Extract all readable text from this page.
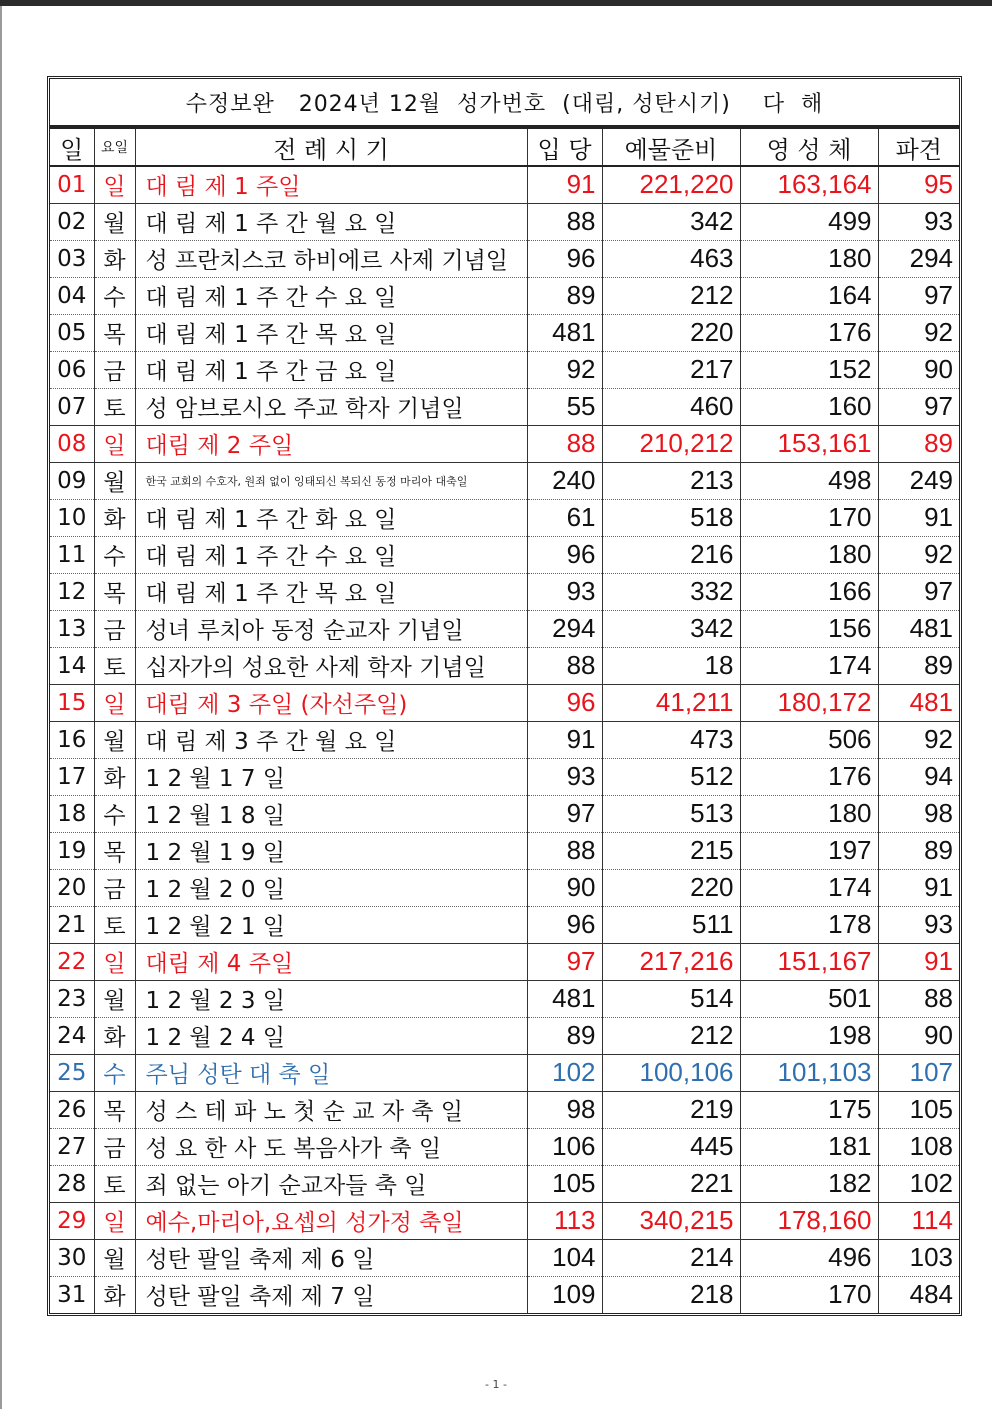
수정보완   2024년 12월  성가번호  (대림, 성탄시기)    다  해
일	요일	전 례 시 기	입 당	예물준비	영 성 체	파견
01	일	대 림 제 1 주일	91	221,220	163,164	95
02	월	대 림 제 1 주 간 월 요 일	88	342	499	93
03	화	성 프란치스코 하비에르 사제 기념일	96	463	180	294
04	수	대 림 제 1 주 간 수 요 일	89	212	164	97
05	목	대 림 제 1 주 간 목 요 일	481	220	176	92
06	금	대 림 제 1 주 간 금 요 일	92	217	152	90
07	토	성 암브로시오 주교 학자 기념일	55	460	160	97
08	일	대림 제 2 주일	88	210,212	153,161	89
09	월	한국 교회의 수호자, 원죄 없이 잉태되신 복되신 동정 마리아 대축일	240	213	498	249
10	화	대 림 제 1 주 간 화 요 일	61	518	170	91
11	수	대 림 제 1 주 간 수 요 일	96	216	180	92
12	목	대 림 제 1 주 간 목 요 일	93	332	166	97
13	금	성녀 루치아 동정 순교자 기념일	294	342	156	481
14	토	십자가의 성요한 사제 학자 기념일	88	18	174	89
15	일	대림 제 3 주일 (자선주일)	96	41,211	180,172	481
16	월	대 림 제 3 주 간 월 요 일	91	473	506	92
17	화	1 2 월 1 7 일	93	512	176	94
18	수	1 2 월 1 8 일	97	513	180	98
19	목	1 2 월 1 9 일	88	215	197	89
20	금	1 2 월 2 0 일	90	220	174	91
21	토	1 2 월 2 1 일	96	511	178	93
22	일	대림 제 4 주일	97	217,216	151,167	91
23	월	1 2 월 2 3 일	481	514	501	88
24	화	1 2 월 2 4 일	89	212	198	90
25	수	주님 성탄 대 축 일	102	100,106	101,103	107
26	목	성 스 테 파 노 첫 순 교 자 축 일	98	219	175	105
27	금	성 요 한 사 도 복음사가 축 일	106	445	181	108
28	토	죄 없는 아기 순교자들 축 일	105	221	182	102
29	일	예수,마리아,요셉의 성가정 축일	113	340,215	178,160	114
30	월	성탄 팔일 축제 제 6 일	104	214	496	103
31	화	성탄 팔일 축제 제 7 일	109	218	170	484
- 1 -
